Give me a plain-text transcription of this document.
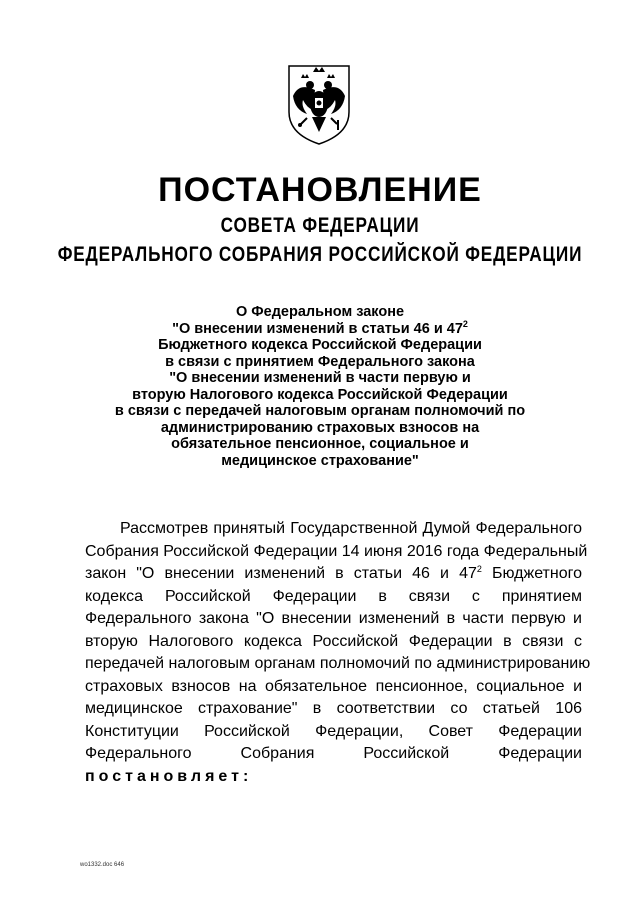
ПОСТАНОВЛЕНИЕ
СОВЕТА ФЕДЕРАЦИИ
ФЕДЕРАЛЬНОГО СОБРАНИЯ РОССИЙСКОЙ ФЕДЕРАЦИИ
О Федеральном законе
"О внесении изменений в статьи 46 и $47^2$
Бюджетного кодекса Российской Федерации
в связи с принятием Федерального закона
"О внесении изменений в части первую и
вторую Налогового кодекса Российской Федерации
в связи с передачей налоговым органам полномочий по
администрированию страховых взносов на
обязательное пенсионное, социальное и
медицинское страхование"
Рассмотрев принятый Государственной Думой Федерального
Собрания Российской Федерации 14 июня 2016 года Федеральный
закон "О внесении изменений в статьи 46 и $47^2$ Бюджетного
кодекса Российской Федерации в связи с принятием
Федерального закона "О внесении изменений в части первую и
вторую Налогового кодекса Российской Федерации в связи с
передачей налоговым органам полномочий по администрированию
страховых взносов на обязательное пенсионное, социальное и
медицинское страхование" в соответствии со статьей 106
Конституции Российской Федерации, Совет Федерации
Федерального Собрания Российской Федерации
постановляет:
wo1332.doc 646
